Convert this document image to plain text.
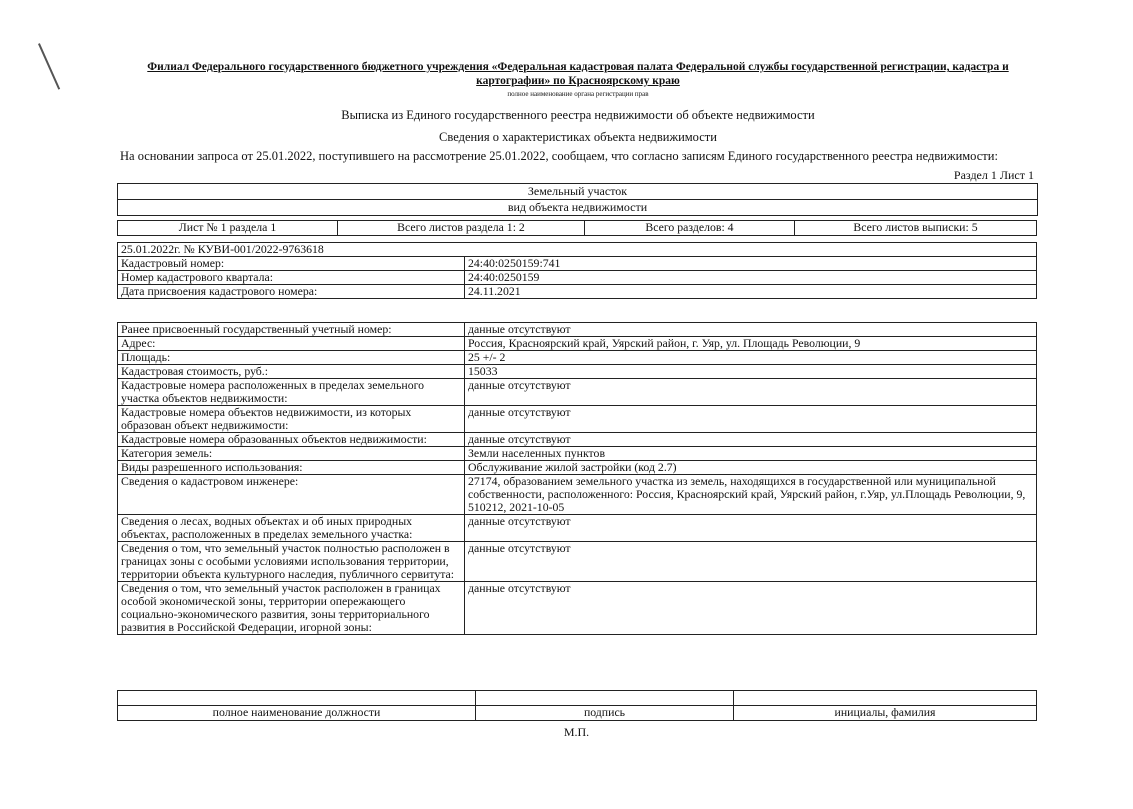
Филиал Федерального государственного бюджетного учреждения «Федеральная кадастровая палата Федеральной службы государственной регистрации, кадастра и картографии» по Красноярскому краю
полное наименование органа регистрации прав
Выписка из Единого государственного реестра недвижимости об объекте недвижимости
Сведения о характеристиках объекта недвижимости
На основании запроса от 25.01.2022, поступившего на рассмотрение 25.01.2022, сообщаем, что согласно записям Единого государственного реестра недвижимости:
Раздел 1 Лист 1
Земельный участок
вид объекта недвижимости
Лист № 1 раздела 1	Всего листов раздела 1: 2	Всего разделов: 4	Всего листов выписки: 5
25.01.2022г. № КУВИ-001/2022-9763618	
Кадастровый номер:	24:40:0250159:741
Номер кадастрового квартала:	24:40:0250159
Дата присвоения кадастрового номера:	24.11.2021
Ранее присвоенный государственный учетный номер:	данные отсутствуют
Адрес:	Россия, Красноярский край, Уярский район, г. Уяр, ул. Площадь Революции, 9
Площадь:	25 +/- 2
Кадастровая стоимость, руб.:	15033
Кадастровые номера расположенных в пределах земельного участка объектов недвижимости:	данные отсутствуют
Кадастровые номера объектов недвижимости, из которых образован объект недвижимости:	данные отсутствуют
Кадастровые номера образованных объектов недвижимости:	данные отсутствуют
Категория земель:	Земли населенных пунктов
Виды разрешенного использования:	Обслуживание жилой застройки (код 2.7)
Сведения о кадастровом инженере:	27174, образованием земельного участка из земель, находящихся в государственной или муниципальной собственности, расположенного: Россия, Красноярский край, Уярский район, г.Уяр, ул.Площадь Революции, 9, 510212, 2021-10-05
Сведения о лесах, водных объектах и об иных природных объектах, расположенных в пределах земельного участка:	данные отсутствуют
Сведения о том, что земельный участок полностью расположен в границах зоны с особыми условиями использования территории, территории объекта культурного наследия, публичного сервитута:	данные отсутствуют
Сведения о том, что земельный участок расположен в границах особой экономической зоны, территории опережающего социально-экономического развития, зоны территориального развития в Российской Федерации, игорной зоны:	данные отсутствуют

полное наименование должности	подпись	инициалы, фамилия
М.П.
